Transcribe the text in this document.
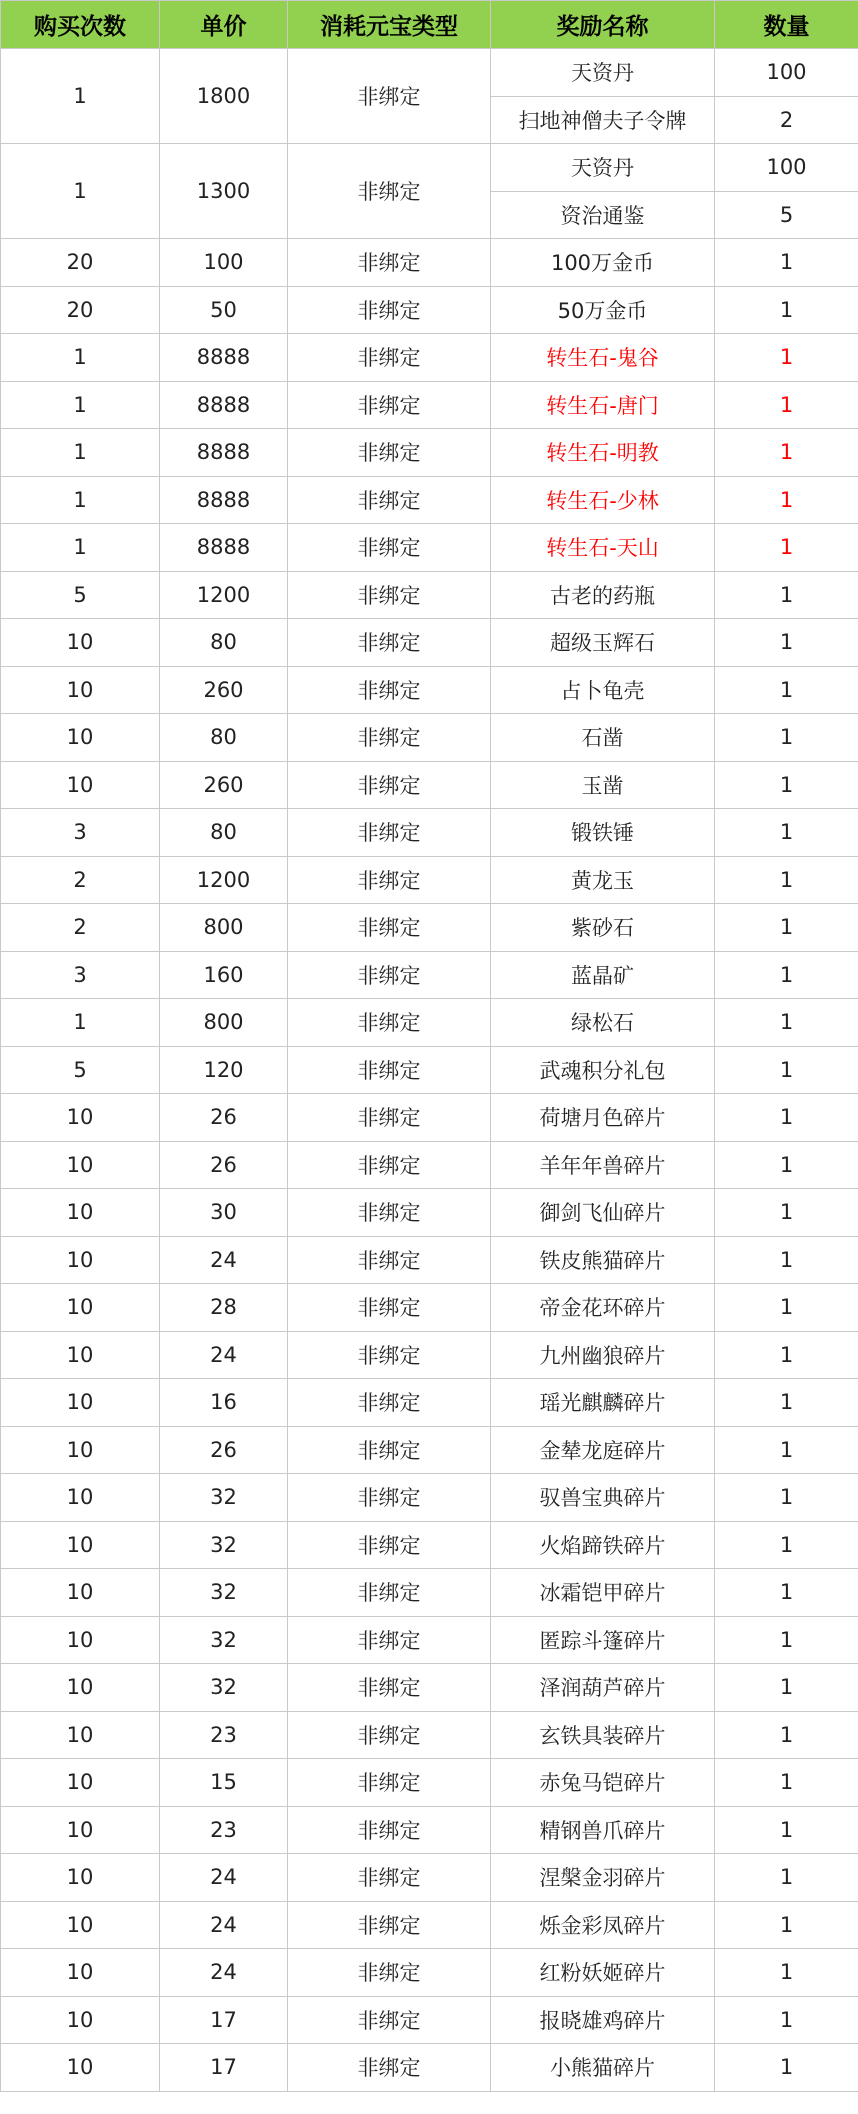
购买次数	单价	消耗元宝类型	奖励名称	数量
1	1800	非绑定	天资丹	100
			扫地神僧夫子令牌	2
1	1300	非绑定	天资丹	100
			资治通鉴	5
20	100	非绑定	100万金币	1
20	50	非绑定	50万金币	1
1	8888	非绑定	转生石-鬼谷	1
1	8888	非绑定	转生石-唐门	1
1	8888	非绑定	转生石-明教	1
1	8888	非绑定	转生石-少林	1
1	8888	非绑定	转生石-天山	1
5	1200	非绑定	古老的药瓶	1
10	80	非绑定	超级玉辉石	1
10	260	非绑定	占卜龟壳	1
10	80	非绑定	石凿	1
10	260	非绑定	玉凿	1
3	80	非绑定	锻铁锤	1
2	1200	非绑定	黄龙玉	1
2	800	非绑定	紫砂石	1
3	160	非绑定	蓝晶矿	1
1	800	非绑定	绿松石	1
5	120	非绑定	武魂积分礼包	1
10	26	非绑定	荷塘月色碎片	1
10	26	非绑定	羊年年兽碎片	1
10	30	非绑定	御剑飞仙碎片	1
10	24	非绑定	铁皮熊猫碎片	1
10	28	非绑定	帝金花环碎片	1
10	24	非绑定	九州幽狼碎片	1
10	16	非绑定	瑶光麒麟碎片	1
10	26	非绑定	金辇龙庭碎片	1
10	32	非绑定	驭兽宝典碎片	1
10	32	非绑定	火焰蹄铁碎片	1
10	32	非绑定	冰霜铠甲碎片	1
10	32	非绑定	匿踪斗篷碎片	1
10	32	非绑定	泽润葫芦碎片	1
10	23	非绑定	玄铁具装碎片	1
10	15	非绑定	赤兔马铠碎片	1
10	23	非绑定	精钢兽爪碎片	1
10	24	非绑定	涅槃金羽碎片	1
10	24	非绑定	烁金彩凤碎片	1
10	24	非绑定	红粉妖姬碎片	1
10	17	非绑定	报晓雄鸡碎片	1
10	17	非绑定	小熊猫碎片	1
